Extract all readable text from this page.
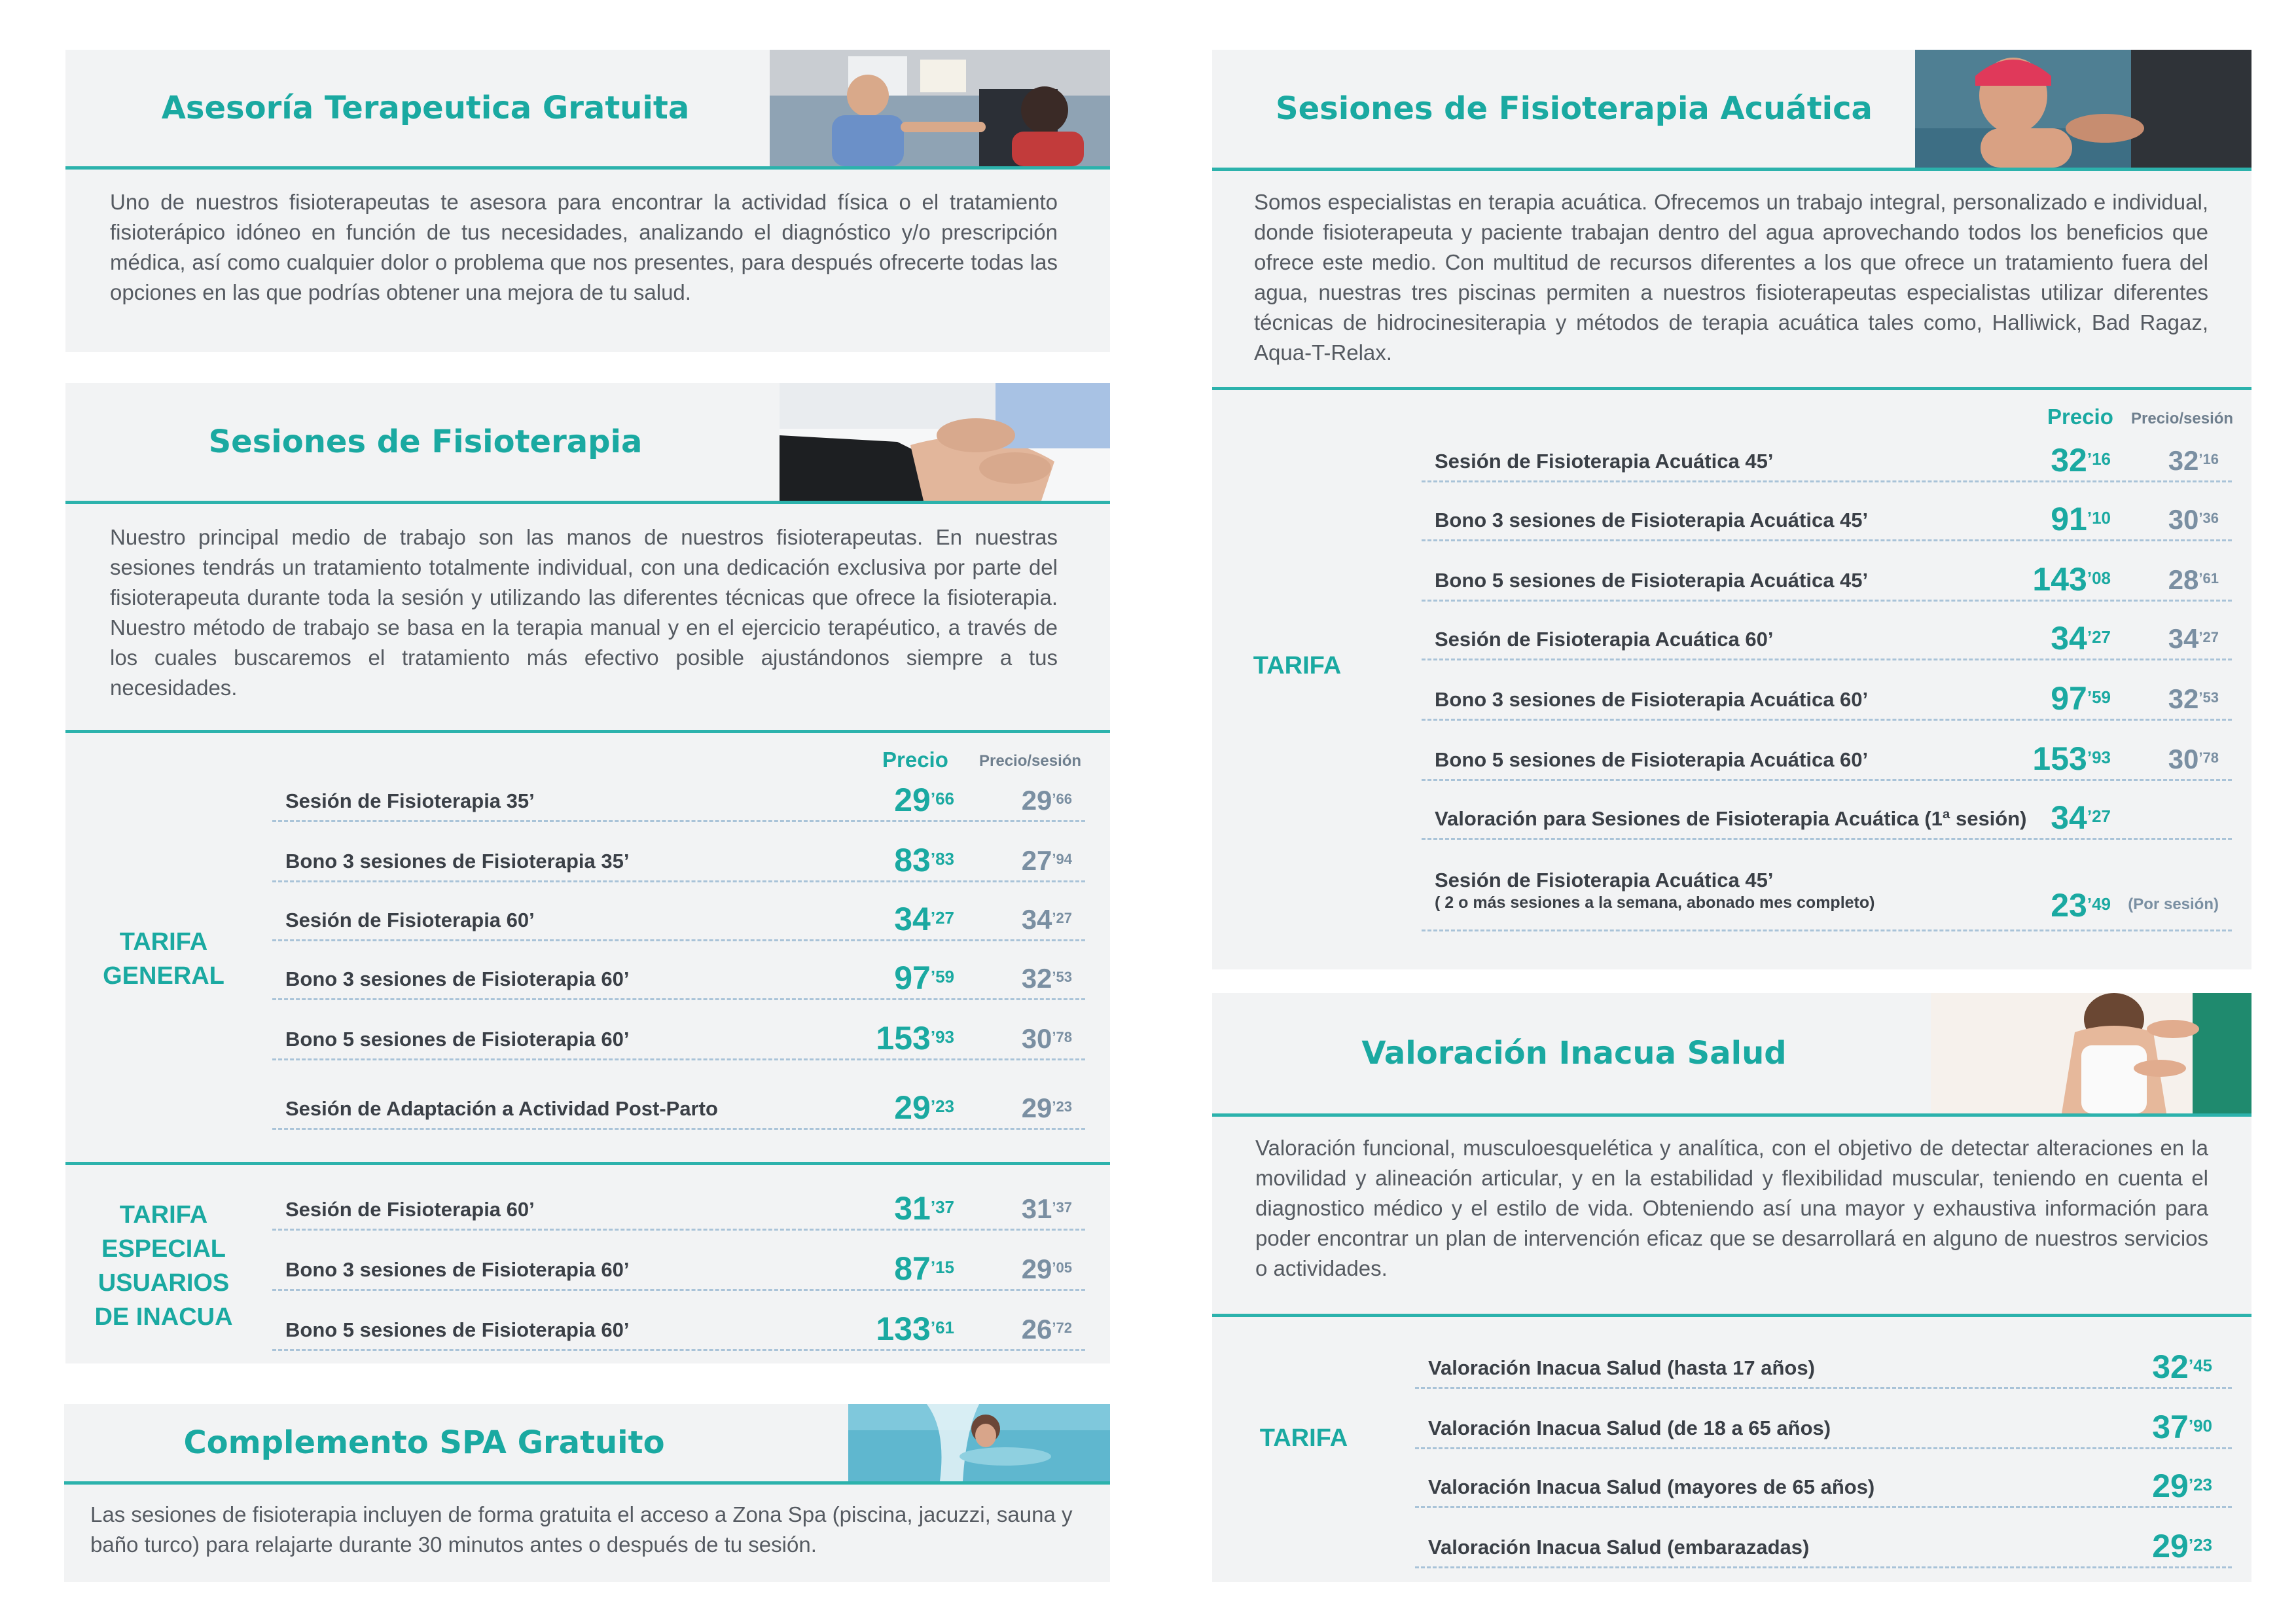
Asesoría Terapeutica Gratuita
Uno de nuestros fisioterapeutas te asesora para encontrar la actividad física o el tratamiento fisioterápico idóneo en función de tus necesidades, analizando el diagnóstico y/o prescripción médica, así como cualquier dolor o problema que nos presentes, para después ofrecerte todas las opciones en las que podrías obtener una mejora de tu salud.
Sesiones de Fisioterapia
Nuestro principal medio de trabajo son las manos de nuestros fisioterapeutas. En nuestras sesiones tendrás un tratamiento totalmente individual, con una dedicación exclusiva por parte del fisioterapeuta durante toda la sesión y utilizando las diferentes técnicas que ofrece la fisioterapia. Nuestro método de trabajo se basa en la terapia manual y en el ejercicio terapéutico, a través de los cuales buscaremos el tratamiento más efectivo posible ajustándonos siempre a tus necesidades.
Precio Precio/sesión
TARIFA
GENERAL
Sesión de Fisioterapia 35’	$29^{’66}$ $29^{’66}$
Bono 3 sesiones de Fisioterapia 35’	$83^{’83}$ $27^{’94}$
Sesión de Fisioterapia 60’	$34^{’27}$ $34^{’27}$
Bono 3 sesiones de Fisioterapia 60’	$97^{’59}$ $32^{’53}$
Bono 5 sesiones de Fisioterapia 60’	$153^{’93}$ $30^{’78}$
Sesión de Adaptación a Actividad Post-Parto	$29^{’23}$ $29^{’23}$
TARIFA
ESPECIAL
USUARIOS
DE INACUA
Sesión de Fisioterapia 60’	$31^{’37}$ $31^{’37}$
Bono 3 sesiones de Fisioterapia 60’	$87^{’15}$ $29^{’05}$
Bono 5 sesiones de Fisioterapia 60’	$133^{’61}$ $26^{’72}$
Complemento SPA Gratuito
Las sesiones de fisioterapia incluyen de forma gratuita el acceso a Zona Spa (piscina, jacuzzi, sauna y baño turco) para relajarte durante 30 minutos antes o después de tu sesión.
Sesiones de Fisioterapia Acuática
Somos especialistas en terapia acuática. Ofrecemos un trabajo integral, personalizado e individual, donde fisioterapeuta y paciente trabajan dentro del agua aprovechando todos los beneficios que ofrece este medio. Con multitud de recursos diferentes a los que ofrece un tratamiento fuera del agua, nuestras tres piscinas permiten a nuestros fisioterapeutas especialistas utilizar diferentes técnicas de hidrocinesiterapia y métodos de terapia acuática tales como, Halliwick, Bad Ragaz, Aqua-T-Relax.
Precio Precio/sesión
TARIFA
Sesión de Fisioterapia Acuática 45’	$32^{’16}$ $32^{’16}$
Bono 3 sesiones de Fisioterapia Acuática 45’	$91^{’10}$ $30^{’36}$
Bono 5 sesiones de Fisioterapia Acuática 45’	$143^{’08}$ $28^{’61}$
Sesión de Fisioterapia Acuática 60’	$34^{’27}$ $34^{’27}$
Bono 3 sesiones de Fisioterapia Acuática 60’	$97^{’59}$ $32^{’53}$
Bono 5 sesiones de Fisioterapia Acuática 60’	$153^{’93}$ $30^{’78}$
Valoración para Sesiones de Fisioterapia Acuática (1ª sesión) $34^{’27}$
Sesión de Fisioterapia Acuática 45’
( 2 o más sesiones a la semana, abonado mes completo)	$23^{’49}$ (Por sesión)
Valoración Inacua Salud
Valoración funcional, musculoesquelética y analítica, con el objetivo de detectar alteraciones en la movilidad y alineación articular, y en la estabilidad y flexibilidad muscular, teniendo en cuenta el diagnostico médico y el estilo de vida. Obteniendo así una mayor y exhaustiva información para poder encontrar un plan de intervención eficaz que se desarrollará en alguno de nuestros servicios o actividades.
TARIFA
Valoración Inacua Salud (hasta 17 años)	$32^{’45}$
Valoración Inacua Salud (de 18 a 65 años)	$37^{’90}$
Valoración Inacua Salud (mayores de 65 años)	$29^{’23}$
Valoración Inacua Salud (embarazadas)	$29^{’23}$
